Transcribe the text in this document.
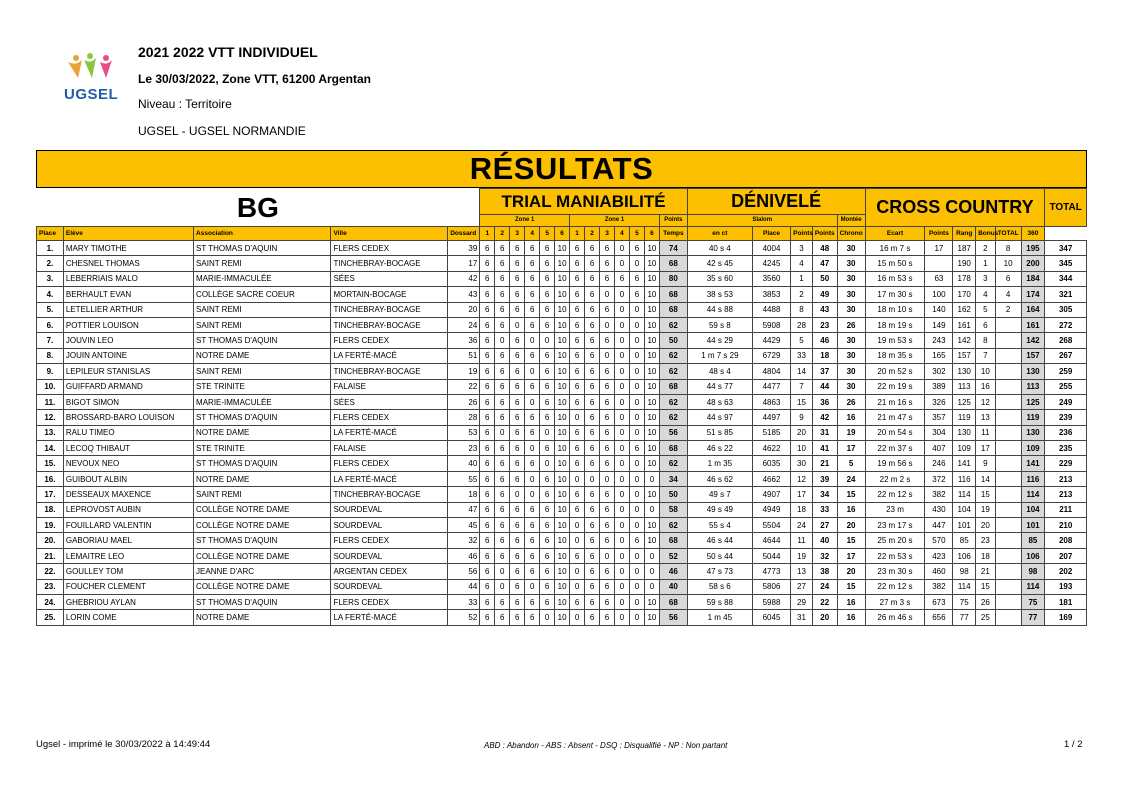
UGSEL
2021 2022 VTT INDIVIDUEL
Le 30/03/2022, Zone VTT, 61200 Argentan
Niveau : Territoire
UGSEL - UGSEL NORMANDIE
RÉSULTATS
BG					TRIAL MANIABILITÉ													DÉNIVELÉ					CROSS COUNTRY						TOTAL
					Zone 1						Zone 1						Points	Slalom				Montée							

Place	Elève	Association	Ville	Dossard	1	2	3	4	5	6	1	2	3	4	5	6	Temps	en ct	Place	Points	Points	Chrono	Ecart	Points	Rang	Bonus	TOTAL	360	
1.	MARY TIMOTHE	ST THOMAS D'AQUIN	FLERS CEDEX	39	6	6	6	6	6	10	6	6	6	0	6	10	74	40 s 4	4004	3	48	30	16 m 7 s	17	187	2	8	195	347
2.	CHESNEL THOMAS	SAINT REMI	TINCHEBRAY-BOCAGE	17	6	6	6	6	6	10	6	6	6	0	0	10	68	42 s 45	4245	4	47	30	15 m 50 s		190	1	10	200	345
3.	LEBERRIAIS MALO	MARIE-IMMACULÉE	SÉES	42	6	6	6	6	6	10	6	6	6	6	6	10	80	35 s 60	3560	1	50	30	16 m 53 s	63	178	3	6	184	344
4.	BERHAULT EVAN	COLLÈGE SACRE COEUR	MORTAIN-BOCAGE	43	6	6	6	6	6	10	6	6	0	0	6	10	68	38 s 53	3853	2	49	30	17 m 30 s	100	170	4	4	174	321
5.	LETELLIER ARTHUR	SAINT REMI	TINCHEBRAY-BOCAGE	20	6	6	6	6	6	10	6	6	6	0	0	10	68	44 s 88	4488	8	43	30	18 m 10 s	140	162	5	2	164	305
6.	POTTIER LOUISON	SAINT REMI	TINCHEBRAY-BOCAGE	24	6	6	0	6	6	10	6	6	0	0	0	10	62	59 s 8	5908	28	23	26	18 m 19 s	149	161	6		161	272
7.	JOUVIN LEO	ST THOMAS D'AQUIN	FLERS CEDEX	36	6	0	6	0	0	10	6	6	6	0	0	10	50	44 s 29	4429	5	46	30	19 m 53 s	243	142	8		142	268
8.	JOUIN ANTOINE	NOTRE DAME	LA FERTÉ-MACÉ	51	6	6	6	6	6	10	6	6	0	0	0	10	62	1 m 7 s 29	6729	33	18	30	18 m 35 s	165	157	7		157	267
9.	LEPILEUR STANISLAS	SAINT REMI	TINCHEBRAY-BOCAGE	19	6	6	6	0	6	10	6	6	6	0	0	10	62	48 s 4	4804	14	37	30	20 m 52 s	302	130	10		130	259
10.	GUIFFARD ARMAND	STE TRINITE	FALAISE	22	6	6	6	6	6	10	6	6	6	0	0	10	68	44 s 77	4477	7	44	30	22 m 19 s	389	113	16		113	255
11.	BIGOT SIMON	MARIE-IMMACULÉE	SÉES	26	6	6	6	0	6	10	6	6	6	0	0	10	62	48 s 63	4863	15	36	26	21 m 16 s	326	125	12		125	249
12.	BROSSARD-BARO LOUISON	ST THOMAS D'AQUIN	FLERS CEDEX	28	6	6	6	6	6	10	0	6	6	0	0	10	62	44 s 97	4497	9	42	16	21 m 47 s	357	119	13		119	239
13.	RALU TIMEO	NOTRE DAME	LA FERTÉ-MACÉ	53	6	0	6	6	0	10	6	6	6	0	0	10	56	51 s 85	5185	20	31	19	20 m 54 s	304	130	11		130	236
14.	LECOQ THIBAUT	STE TRINITE	FALAISE	23	6	6	6	0	6	10	6	6	6	0	6	10	68	46 s 22	4622	10	41	17	22 m 37 s	407	109	17		109	235
15.	NEVOUX NEO	ST THOMAS D'AQUIN	FLERS CEDEX	40	6	6	6	6	0	10	6	6	6	0	0	10	62	1 m 35	6035	30	21	5	19 m 56 s	246	141	9		141	229
16.	GUIBOUT ALBIN	NOTRE DAME	LA FERTÉ-MACÉ	55	6	6	6	0	6	10	0	0	0	0	0	0	34	46 s 62	4662	12	39	24	22 m 2 s	372	116	14		116	213
17.	DESSEAUX MAXENCE	SAINT REMI	TINCHEBRAY-BOCAGE	18	6	6	0	0	6	10	6	6	6	0	0	10	50	49 s 7	4907	17	34	15	22 m 12 s	382	114	15		114	213
18.	LEPROVOST AUBIN	COLLÈGE NOTRE DAME	SOURDEVAL	47	6	6	6	6	6	10	6	6	6	0	0	0	58	49 s 49	4949	18	33	16	23 m	430	104	19		104	211
19.	FOUILLARD VALENTIN	COLLÈGE NOTRE DAME	SOURDEVAL	45	6	6	6	6	6	10	0	6	6	0	0	10	62	55 s 4	5504	24	27	20	23 m 17 s	447	101	20		101	210
20.	GABORIAU MAEL	ST THOMAS D'AQUIN	FLERS CEDEX	32	6	6	6	6	6	10	0	6	6	0	6	10	68	46 s 44	4644	11	40	15	25 m 20 s	570	85	23		85	208
21.	LEMAITRE LEO	COLLÈGE NOTRE DAME	SOURDEVAL	46	6	6	6	6	6	10	6	6	0	0	0	0	52	50 s 44	5044	19	32	17	22 m 53 s	423	106	18		106	207
22.	GOULLEY TOM	JEANNE D'ARC	ARGENTAN CEDEX	56	6	0	6	6	6	10	0	6	6	0	0	0	46	47 s 73	4773	13	38	20	23 m 30 s	460	98	21		98	202
23.	FOUCHER CLEMENT	COLLÈGE NOTRE DAME	SOURDEVAL	44	6	0	6	0	6	10	0	6	6	0	0	0	40	58 s 6	5806	27	24	15	22 m 12 s	382	114	15		114	193
24.	GHEBRIOU AYLAN	ST THOMAS D'AQUIN	FLERS CEDEX	33	6	6	6	6	6	10	6	6	6	0	0	10	68	59 s 88	5988	29	22	16	27 m 3 s	673	75	26		75	181
25.	LORIN COME	NOTRE DAME	LA FERTÉ-MACÉ	52	6	6	6	6	0	10	0	6	6	0	0	10	56	1 m 45	6045	31	20	16	26 m 46 s	656	77	25		77	169
Ugsel - imprimé le 30/03/2022 à 14:49:44	ABD : Abandon - ABS : Absent - DSQ : Disqualifié - NP : Non partant	1 / 2
